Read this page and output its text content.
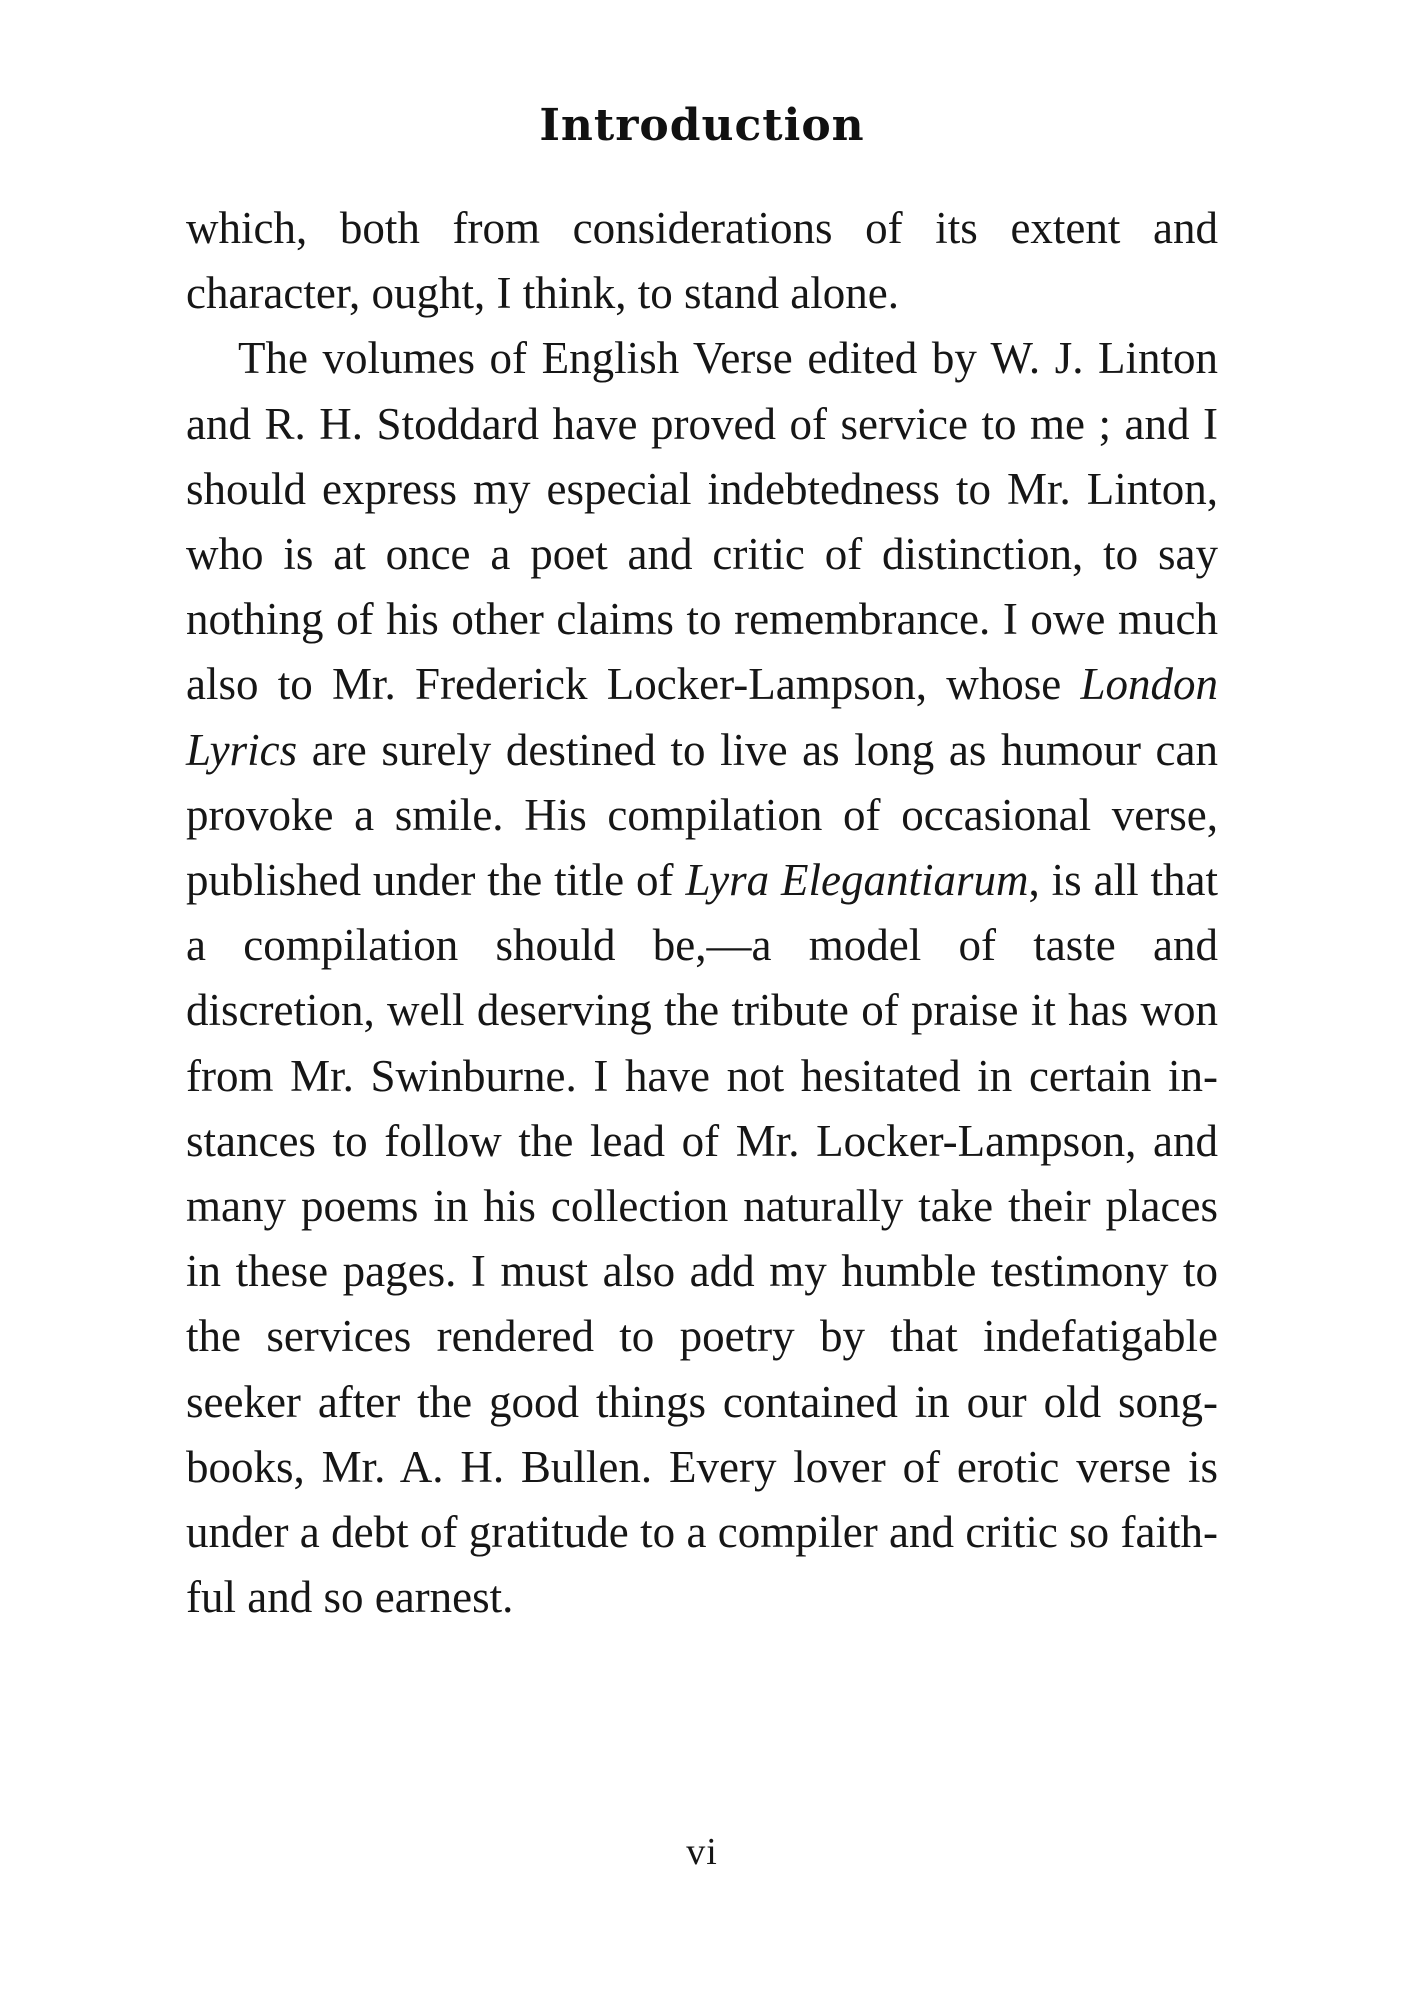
Introduction

which, both from considerations of its extent and character, ought, I think, to stand alone.

The volumes of English Verse edited by W. J. Linton and R. H. Stoddard have proved of service to me ; and I should express my especial indebtedness to Mr. Linton, who is at once a poet and critic of distinction, to say nothing of his other claims to remembrance. I owe much also to Mr. Frederick Locker-Lampson, whose London Lyrics are surely destined to live as long as humour can provoke a smile. His compilation of occasional verse, published under the title of Lyra Elegantiarum, is all that a compilation should be,—a model of taste and discretion, well deserving the tribute of praise it has won from Mr. Swinburne. I have not hesitated in certain instances to follow the lead of Mr. Locker-Lampson, and many poems in his collection naturally take their places in these pages. I must also add my humble testimony to the services rendered to poetry by that indefatigable seeker after the good things contained in our old song-books, Mr. A. H. Bullen. Every lover of erotic verse is under a debt of gratitude to a compiler and critic so faithful and so earnest.

vi
